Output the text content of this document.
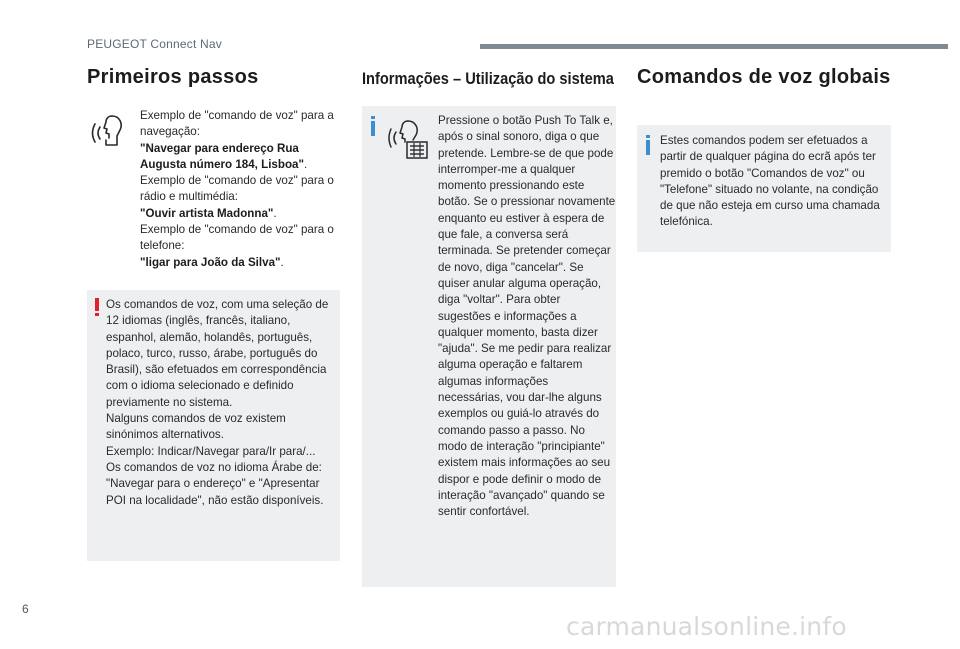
PEUGEOT Connect Nav
Primeiros passos	Informações – Utilização do sistema Comandos de voz globais
Exemplo de "comando de voz" para a navegação:
"Navegar para endereço Rua Augusta número 184, Lisboa".
Exemplo de "comando de voz" para o rádio e multimédia:
"Ouvir artista Madonna".
Exemplo de "comando de voz" para o telefone:
"ligar para João da Silva".
Os comandos de voz, com uma seleção de 12 idiomas (inglês, francês, italiano, espanhol, alemão, holandês, português, polaco, turco, russo, árabe, português do Brasil), são efetuados em correspondência com o idioma selecionado e definido previamente no sistema.
Nalguns comandos de voz existem sinónimos alternativos.
Exemplo: Indicar/Navegar para/Ir para/...
Os comandos de voz no idioma Árabe de: "Navegar para o endereço" e "Apresentar POI na localidade", não estão disponíveis.
Pressione o botão Push To Talk e, após o sinal sonoro, diga o que pretende. Lembre-se de que pode interromper-me a qualquer momento pressionando este botão. Se o pressionar novamente enquanto eu estiver à espera de que fale, a conversa será terminada. Se pretender começar de novo, diga "cancelar". Se quiser anular alguma operação, diga "voltar". Para obter sugestões e informações a qualquer momento, basta dizer "ajuda". Se me pedir para realizar alguma operação e faltarem algumas informações necessárias, vou dar-lhe alguns exemplos ou guiá-lo através do comando passo a passo. No modo de interação "principiante" existem mais informações ao seu dispor e pode definir o modo de interação "avançado" quando se sentir confortável.
Estes comandos podem ser efetuados a partir de qualquer página do ecrã após ter premido o botão "Comandos de voz" ou "Telefone" situado no volante, na condição de que não esteja em curso uma chamada telefónica.
6
carmanualsonline.info
